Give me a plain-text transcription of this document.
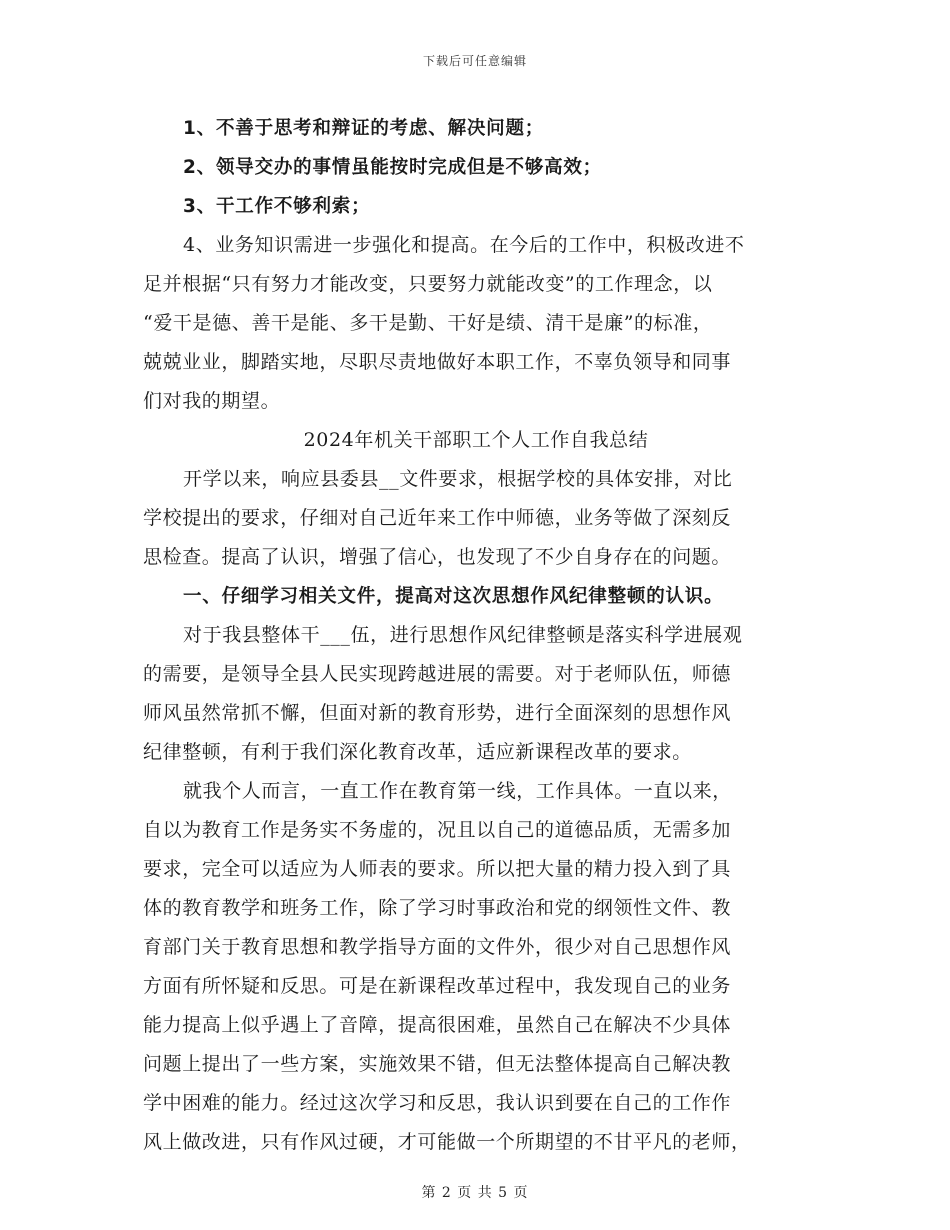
下载后可任意编辑
1、不善于思考和辩证的考虑、解决问题；
2、领导交办的事情虽能按时完成但是不够高效；
3、干工作不够利索；
4、业务知识需进一步强化和提高。在今后的工作中，积极改进不
足并根据“只有努力才能改变，只要努力就能改变”的工作理念，以
“爱干是德、善干是能、多干是勤、干好是绩、清干是廉”的标准，
兢兢业业，脚踏实地，尽职尽责地做好本职工作，不辜负领导和同事
们对我的期望。
2024年机关干部职工个人工作自我总结
开学以来，响应县委县__文件要求，根据学校的具体安排，对比
学校提出的要求，仔细对自己近年来工作中师德，业务等做了深刻反
思检查。提高了认识，增强了信心，也发现了不少自身存在的问题。
一、仔细学习相关文件，提高对这次思想作风纪律整顿的认识。
对于我县整体干___伍，进行思想作风纪律整顿是落实科学进展观
的需要，是领导全县人民实现跨越进展的需要。对于老师队伍，师德
师风虽然常抓不懈，但面对新的教育形势，进行全面深刻的思想作风
纪律整顿，有利于我们深化教育改革，适应新课程改革的要求。
就我个人而言，一直工作在教育第一线，工作具体。一直以来，
自以为教育工作是务实不务虚的，况且以自己的道德品质，无需多加
要求，完全可以适应为人师表的要求。所以把大量的精力投入到了具
体的教育教学和班务工作，除了学习时事政治和党的纲领性文件、教
育部门关于教育思想和教学指导方面的文件外，很少对自己思想作风
方面有所怀疑和反思。可是在新课程改革过程中，我发现自己的业务
能力提高上似乎遇上了音障，提高很困难，虽然自己在解决不少具体
问题上提出了一些方案，实施效果不错，但无法整体提高自己解决教
学中困难的能力。经过这次学习和反思，我认识到要在自己的工作作
风上做改进，只有作风过硬，才可能做一个所期望的不甘平凡的老师，
第 2 页 共 5 页
